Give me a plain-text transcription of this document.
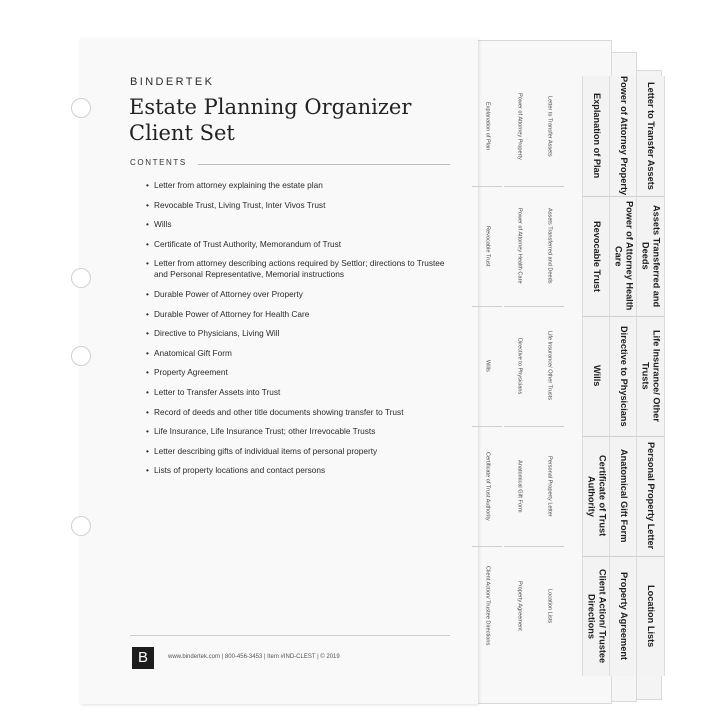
Explanation of Plan
Revocable Trust
Wills
Certificate of Trust Authority
Client Action/ Trustee Directions
Power of Attorney Property
Power of Attorney Health Care
Directive to Physicians
Anatomical Gift Form
Property Agreement
Letter to Transfer Assets
Assets Transferred and Deeds
Life Insurance/ Other Trusts
Personal Property Letter
Location Lists
BINDERTEK
Estate Planning Organizer
Client Set
CONTENTS
• Letter from attorney explaining the estate plan
• Revocable Trust, Living Trust, Inter Vivos Trust
• Wills
• Certificate of Trust Authority, Memorandum of Trust
• Letter from attorney describing actions required by Settlor; directions to Trustee and Personal Representative, Memorial instructions
• Durable Power of Attorney over Property
• Durable Power of Attorney for Health Care
• Directive to Physicians, Living Will
• Anatomical Gift Form
• Property Agreement
• Letter to Transfer Assets into Trust
• Record of deeds and other title documents showing transfer to Trust
• Life Insurance, Life Insurance Trust; other Irrevocable Trusts
• Letter describing gifts of individual items of personal property
• Lists of property locations and contact persons
B	www.bindertek.com | 800-456-3453 | Item #IND-CLEST | © 2019
Explanation of Plan
Revocable Trust
Wills
Certificate of Trust Authority
Client Action/ Trustee Directions
Power of Attorney Property
Power of Attorney Health Care
Directive to Physicians
Anatomical Gift Form
Property Agreement
Letter to Transfer Assets
Assets Transferred and Deeds
Life Insurance/ Other Trusts
Personal Property Letter
Location Lists
